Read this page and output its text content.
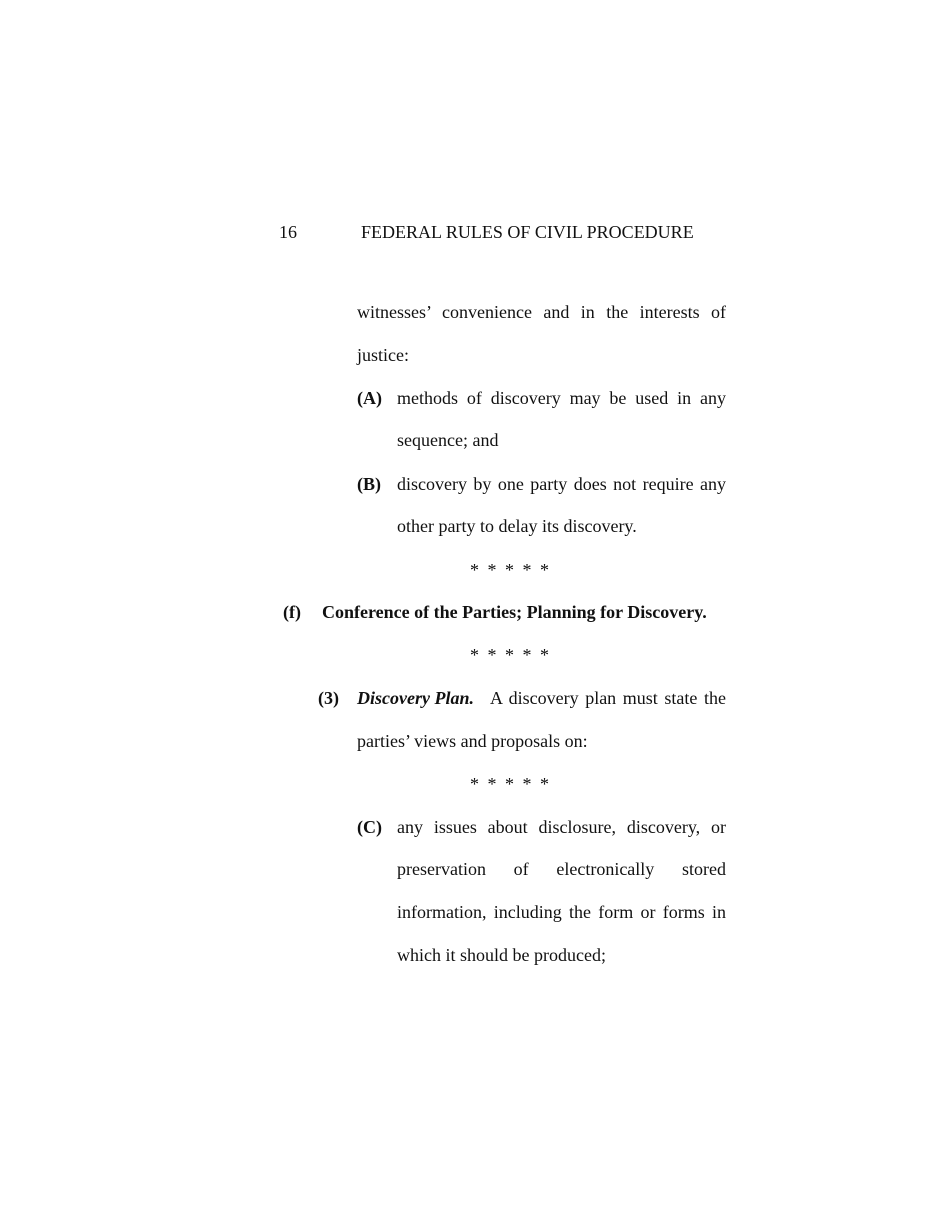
16	FEDERAL RULES OF CIVIL PROCEDURE
witnesses’ convenience and in the interests of
justice:
(A) methods of discovery may be used in any
sequence; and
(B) discovery by one party does not require any
other party to delay its discovery.
* * * * *
(f) Conference of the Parties; Planning for Discovery.
* * * * *
(3) Discovery Plan. A discovery plan must state the
parties’ views and proposals on:
* * * * *
(C) any issues about disclosure, discovery, or
preservation of electronically stored
information, including the form or forms in
which it should be produced;
